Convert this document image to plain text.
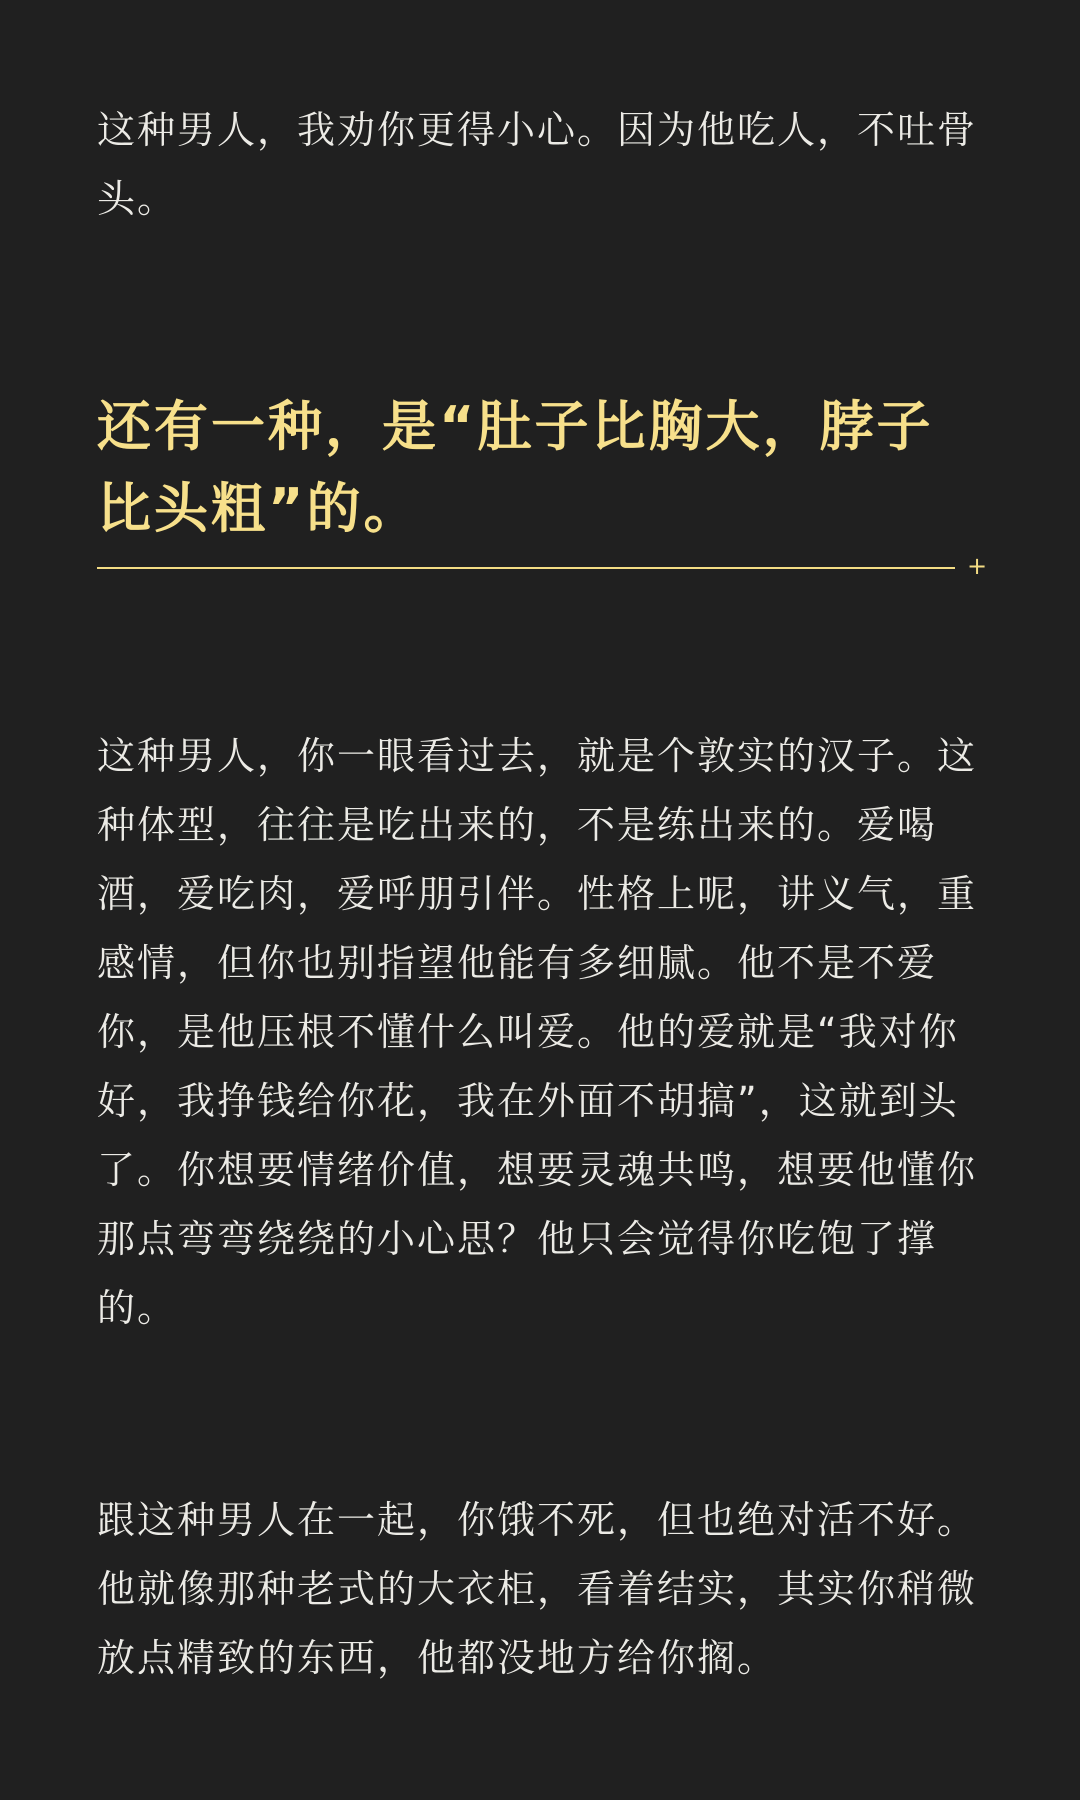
这种男人，我劝你更得小心。因为他吃人，不吐骨头。

还有一种，是“肚子比胸大，脖子比头粗”的。
+

这种男人，你一眼看过去，就是个敦实的汉子。这种体型，往往是吃出来的，不是练出来的。爱喝酒，爱吃肉，爱呼朋引伴。性格上呢，讲义气，重感情，但你也别指望他能有多细腻。他不是不爱你，是他压根不懂什么叫爱。他的爱就是“我对你好，我挣钱给你花，我在外面不胡搞”，这就到头了。你想要情绪价值，想要灵魂共鸣，想要他懂你那点弯弯绕绕的小心思？他只会觉得你吃饱了撑的。

跟这种男人在一起，你饿不死，但也绝对活不好。他就像那种老式的大衣柜，看着结实，其实你稍微放点精致的东西，他都没地方给你搁。
